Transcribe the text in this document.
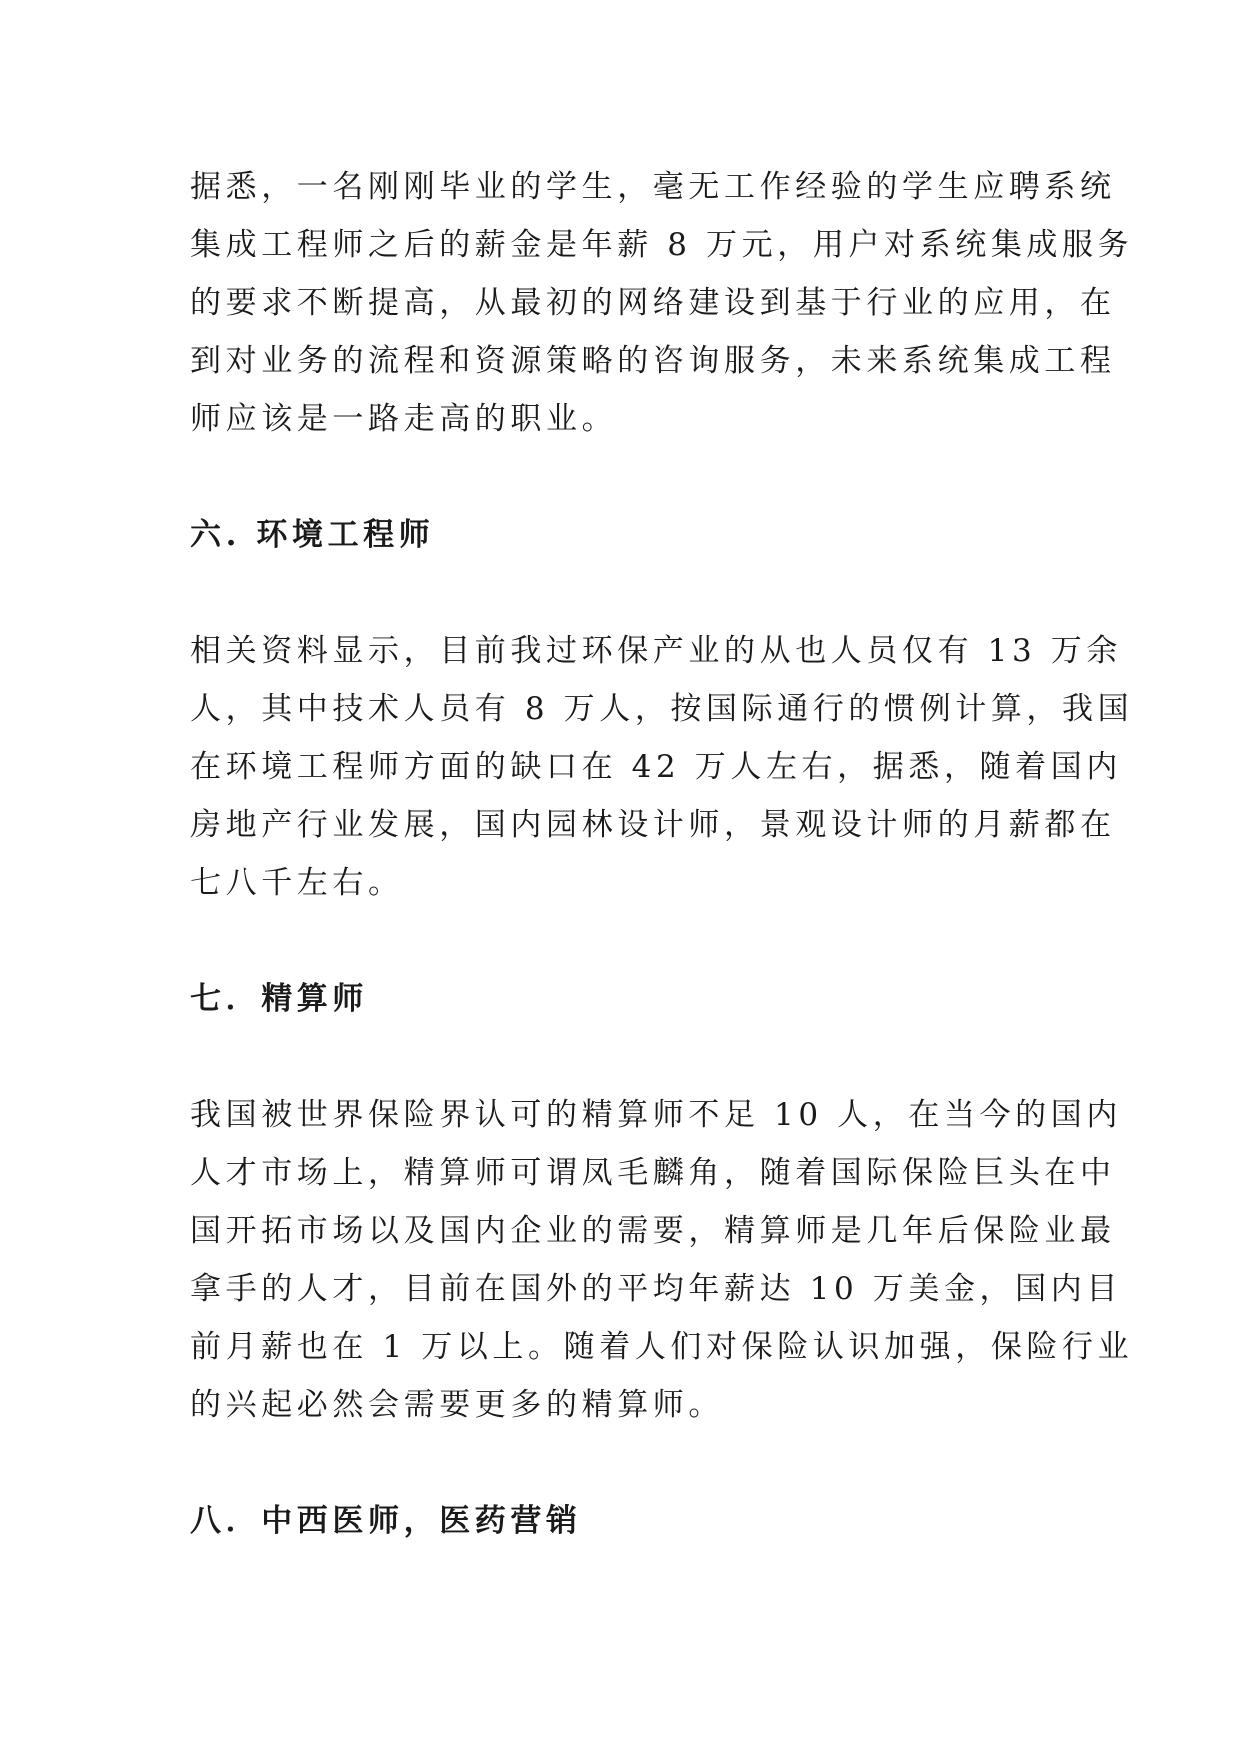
据悉，一名刚刚毕业的学生，毫无工作经验的学生应聘系统
集成工程师之后的薪金是年薪 8 万元，用户对系统集成服务
的要求不断提高，从最初的网络建设到基于行业的应用，在
到对业务的流程和资源策略的咨询服务，未来系统集成工程
师应该是一路走高的职业。

六. 环境工程师

相关资料显示，目前我过环保产业的从也人员仅有 13 万余
人，其中技术人员有 8 万人，按国际通行的惯例计算，我国
在环境工程师方面的缺口在 42 万人左右，据悉，随着国内
房地产行业发展，国内园林设计师，景观设计师的月薪都在
七八千左右。

七．精算师

我国被世界保险界认可的精算师不足 10 人，在当今的国内
人才市场上，精算师可谓凤毛麟角，随着国际保险巨头在中
国开拓市场以及国内企业的需要，精算师是几年后保险业最
拿手的人才，目前在国外的平均年薪达 10 万美金，国内目
前月薪也在 1 万以上。随着人们对保险认识加强，保险行业
的兴起必然会需要更多的精算师。

八．中西医师，医药营销
